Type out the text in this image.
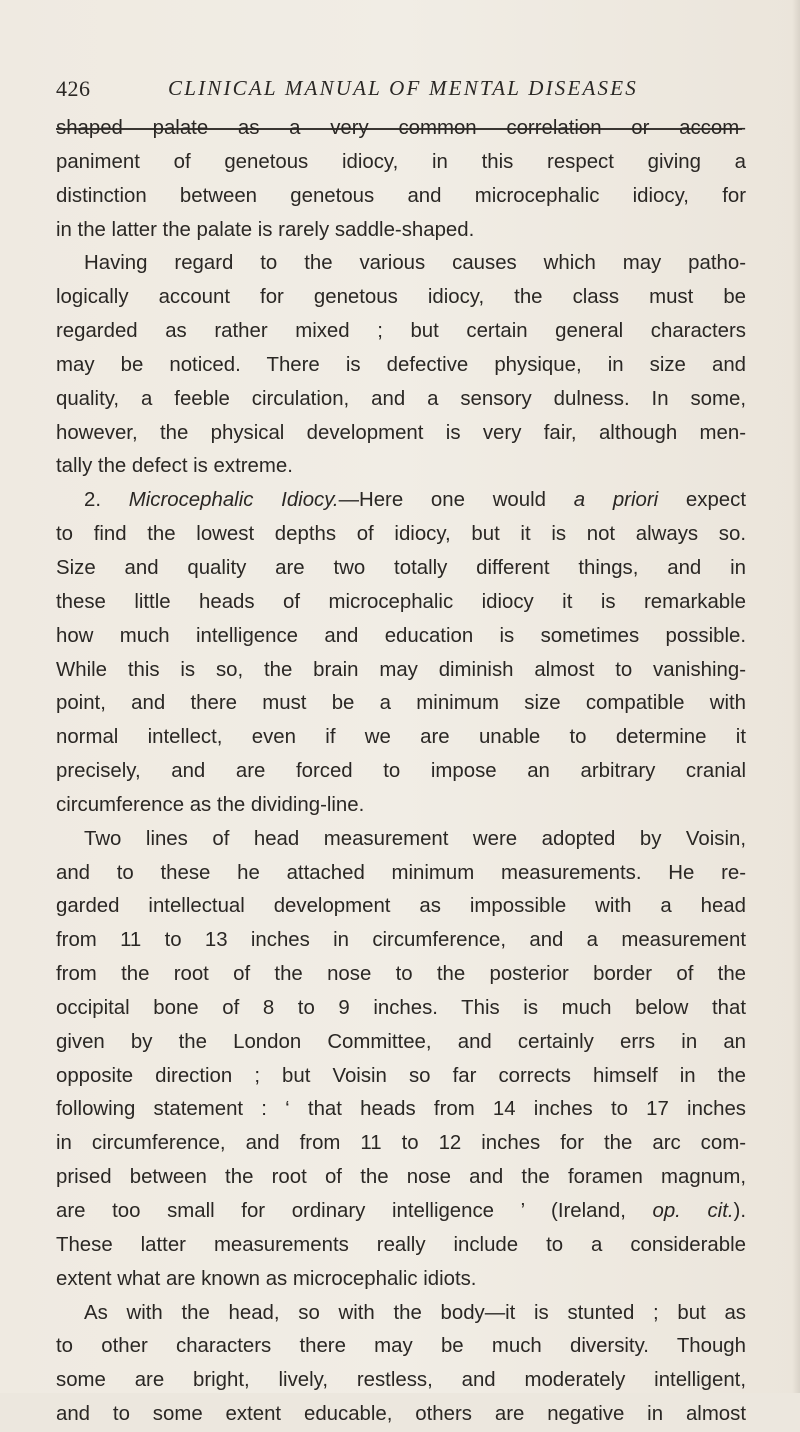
426	CLINICAL MANUAL OF MENTAL DISEASES
shaped palate as a very common correlation or accom-
paniment of genetous idiocy, in this respect giving a
distinction between genetous and microcephalic idiocy, for
in the latter the palate is rarely saddle-shaped.
Having regard to the various causes which may patho-
logically account for genetous idiocy, the class must be
regarded as rather mixed ; but certain general characters
may be noticed. There is defective physique, in size and
quality, a feeble circulation, and a sensory dulness. In some,
however, the physical development is very fair, although men-
tally the defect is extreme.
2. Microcephalic Idiocy.—Here one would a priori expect
to find the lowest depths of idiocy, but it is not always so.
Size and quality are two totally different things, and in
these little heads of microcephalic idiocy it is remarkable
how much intelligence and education is sometimes possible.
While this is so, the brain may diminish almost to vanishing-
point, and there must be a minimum size compatible with
normal intellect, even if we are unable to determine it
precisely, and are forced to impose an arbitrary cranial
circumference as the dividing-line.
Two lines of head measurement were adopted by Voisin,
and to these he attached minimum measurements. He re-
garded intellectual development as impossible with a head
from 11 to 13 inches in circumference, and a measurement
from the root of the nose to the posterior border of the
occipital bone of 8 to 9 inches. This is much below that
given by the London Committee, and certainly errs in an
opposite direction ; but Voisin so far corrects himself in the
following statement : ‘ that heads from 14 inches to 17 inches
in circumference, and from 11 to 12 inches for the arc com-
prised between the root of the nose and the foramen magnum,
are too small for ordinary intelligence ’ (Ireland, op. cit.).
These latter measurements really include to a considerable
extent what are known as microcephalic idiots.
As with the head, so with the body—it is stunted ; but as
to other characters there may be much diversity. Though
some are bright, lively, restless, and moderately intelligent,
and to some extent educable, others are negative in almost
